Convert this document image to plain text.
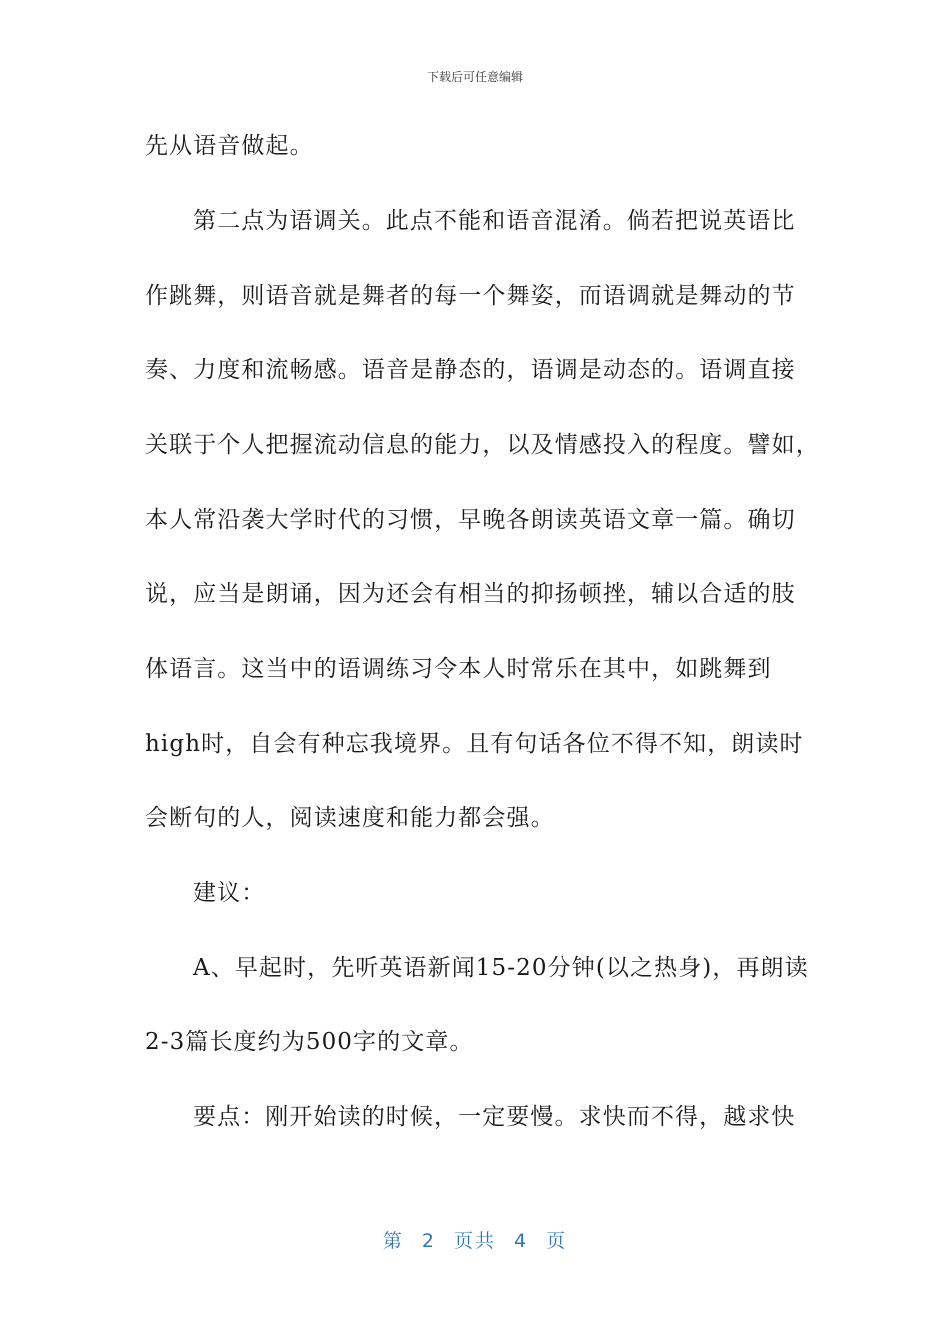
下载后可任意编辑
先从语音做起。
第二点为语调关。此点不能和语音混淆。倘若把说英语比
作跳舞，则语音就是舞者的每一个舞姿，而语调就是舞动的节
奏、力度和流畅感。语音是静态的，语调是动态的。语调直接
关联于个人把握流动信息的能力，以及情感投入的程度。譬如，
本人常沿袭大学时代的习惯，早晚各朗读英语文章一篇。确切
说，应当是朗诵，因为还会有相当的抑扬顿挫，辅以合适的肢
体语言。这当中的语调练习令本人时常乐在其中，如跳舞到
high时，自会有种忘我境界。且有句话各位不得不知，朗读时
会断句的人，阅读速度和能力都会强。
建议：
A、早起时，先听英语新闻15-20分钟(以之热身)，再朗读
2-3篇长度约为500字的文章。
要点：刚开始读的时候，一定要慢。求快而不得，越求快
第 2 页共 4 页
